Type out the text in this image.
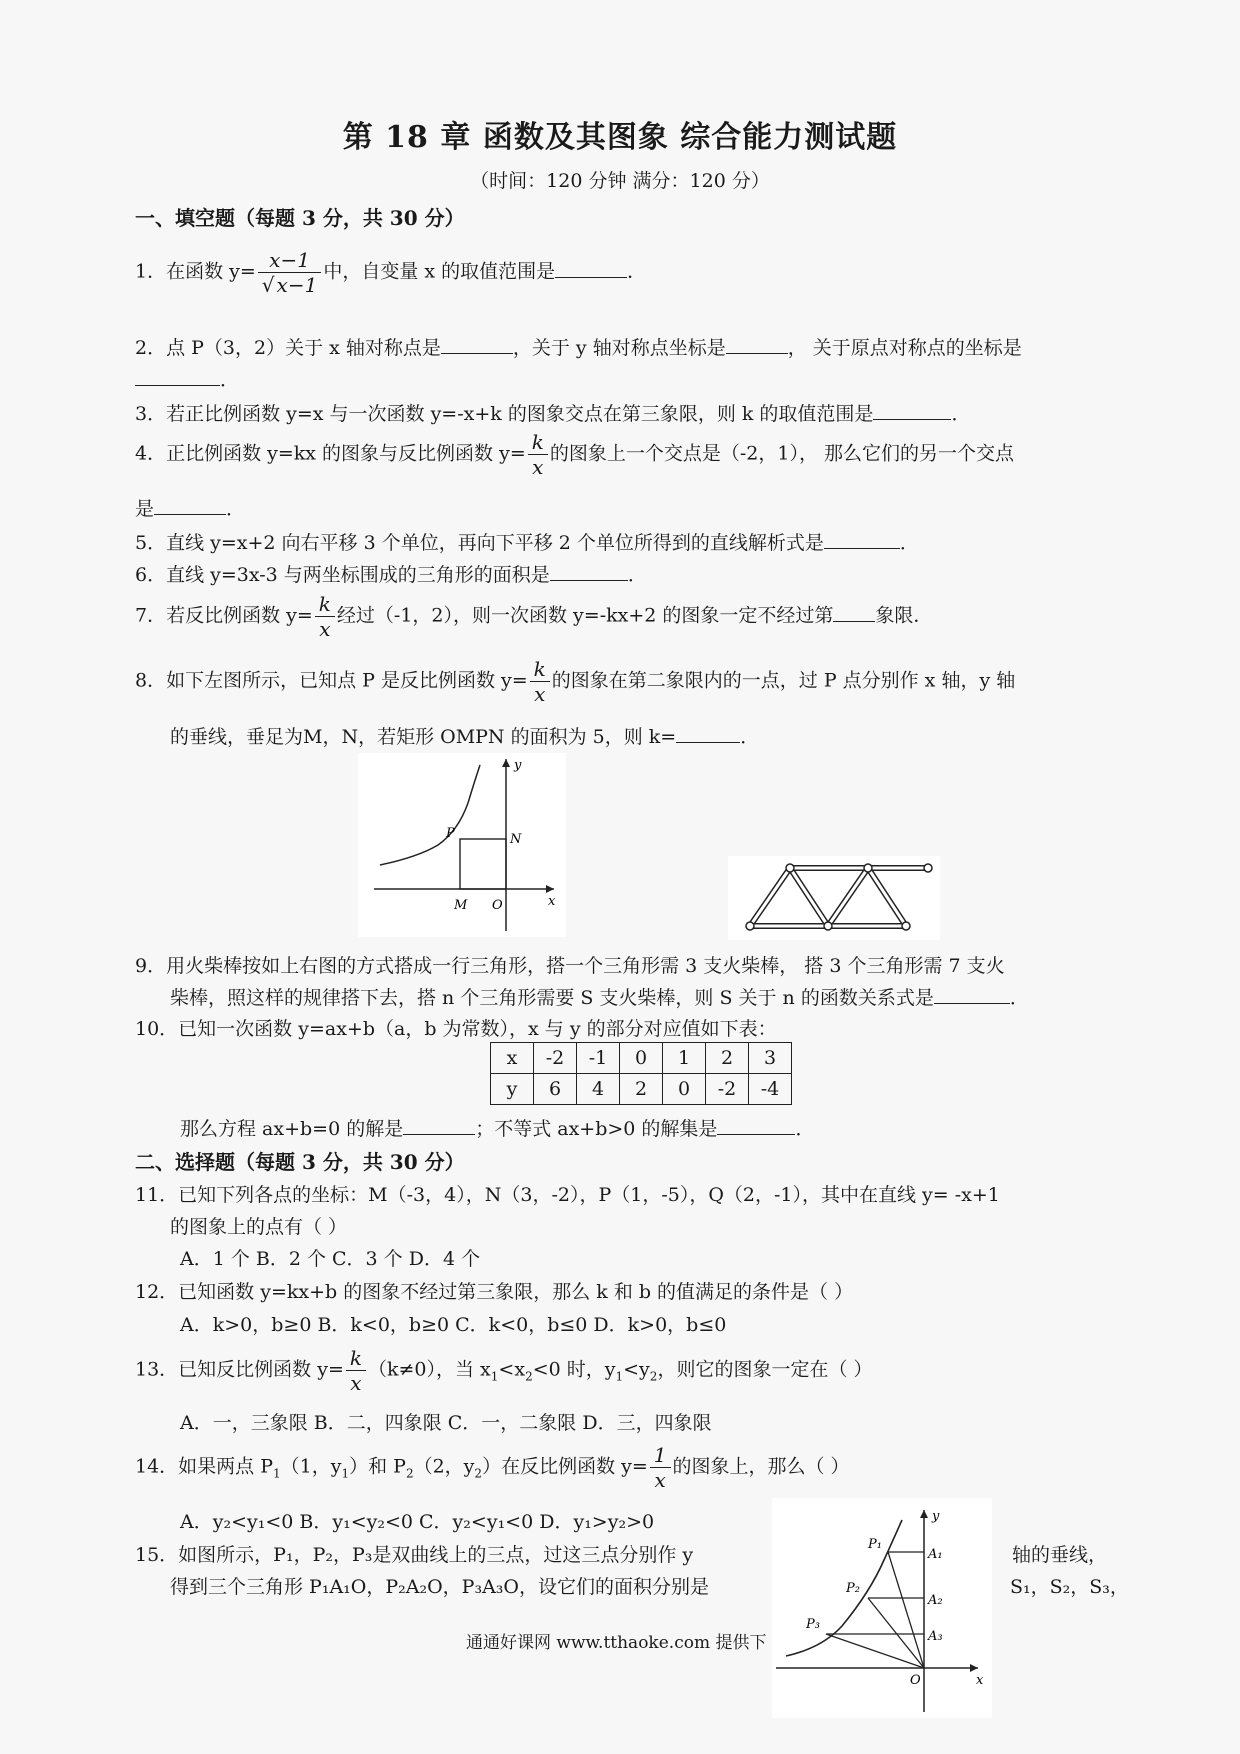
第 18 章 函数及其图象 综合能力测试题
（时间：120 分钟 满分：120 分）
一、填空题（每题 3 分，共 30 分）
1．在函数 $y= \frac{x-1}{√ x-1}$ 中，自变量 x 的取值范围是	．
2．点 P（3，2）关于 x 轴对称点是	，关于 y 轴对称点坐标是	， 关于原点对称点的坐标是
．
3．若正比例函数 y=x 与一次函数 y=-x+k 的图象交点在第三象限，则 k 的取值范围是	．
4．正比例函数 y=kx 的图象与反比例函数 $y= \frac{k}{x}$ 的图象上一个交点是（-2，1）， 那么它们的另一个交点
是	．
5．直线 y=x+2 向右平移 3 个单位，再向下平移 2 个单位所得到的直线解析式是	．
6．直线 y=3x-3 与两坐标围成的三角形的面积是	．
7．若反比例函数 $y= \frac{k}{x}$ 经过（-1，2），则一次函数 y=-kx+2 的图象一定不经过第 象限．
8．如下左图所示，已知点 P 是反比例函数 $y= \frac{k}{x}$ 的图象在第二象限内的一点，过 P 点分别作 x 轴，y 轴
的垂线，垂足为M，N，若矩形 OMPN 的面积为 5，则 k=	．
y
x
P	N
M O
9．用火柴棒按如上右图的方式搭成一行三角形，搭一个三角形需 3 支火柴棒， 搭 3 个三角形需 7 支火
柴棒，照这样的规律搭下去，搭 n 个三角形需要 S 支火柴棒，则 S 关于 n 的函数关系式是	．
10．已知一次函数 y=ax+b（a，b 为常数），x 与 y 的部分对应值如下表：
x	-2	-1	0	1	2	3
y	6	4	2	0	-2	-4
那么方程 ax+b=0 的解是	；不等式 ax+b>0 的解集是	．
二、选择题（每题 3 分，共 30 分）
11．已知下列各点的坐标：M（-3，4），N（3，-2），P（1，-5），Q（2，-1），其中在直线 y= -x+1
的图象上的点有（ ）
A．1 个 B．2 个 C．3 个 D．4 个
12．已知函数 y=kx+b 的图象不经过第三象限，那么 k 和 b 的值满足的条件是（ ）
A．k>0，b≥0 B．k<0，b≥0 C．k<0，b≤0 D．k>0，b≤0
13．已知反比例函数 $y= \frac{k}{x} (k\ne 0)$，当 $x_1<x_2<0$ 时，$y_1<y_2$，则它的图象一定在（ ）
A．一，三象限 B．二，四象限 C．一，二象限 D．三，四象限
14．如果两点 $P_1(1$，$y_1$）和 $P_2(2$，$y_2$）在反比例函数 $y= \frac{1}{x}$ 的图象上，那么（ ）
A．y₂<y₁<0 B．y₁<y₂<0 C．y₂<y₁<0 D．y₁>y₂>0
15．如图所示，P₁，P₂，P₃是双曲线上的三点，过这三点分别作 y	轴的垂线，
得到三个三角形 P₁A₁O，P₂A₂O，P₃A₃O，设它们的面积分别是	S₁，S₂，S₃，
y
x
O
P₁
P₂
P₃
A₁
A₂
A₃
通通好课网 www.tthaoke.com 提供下
